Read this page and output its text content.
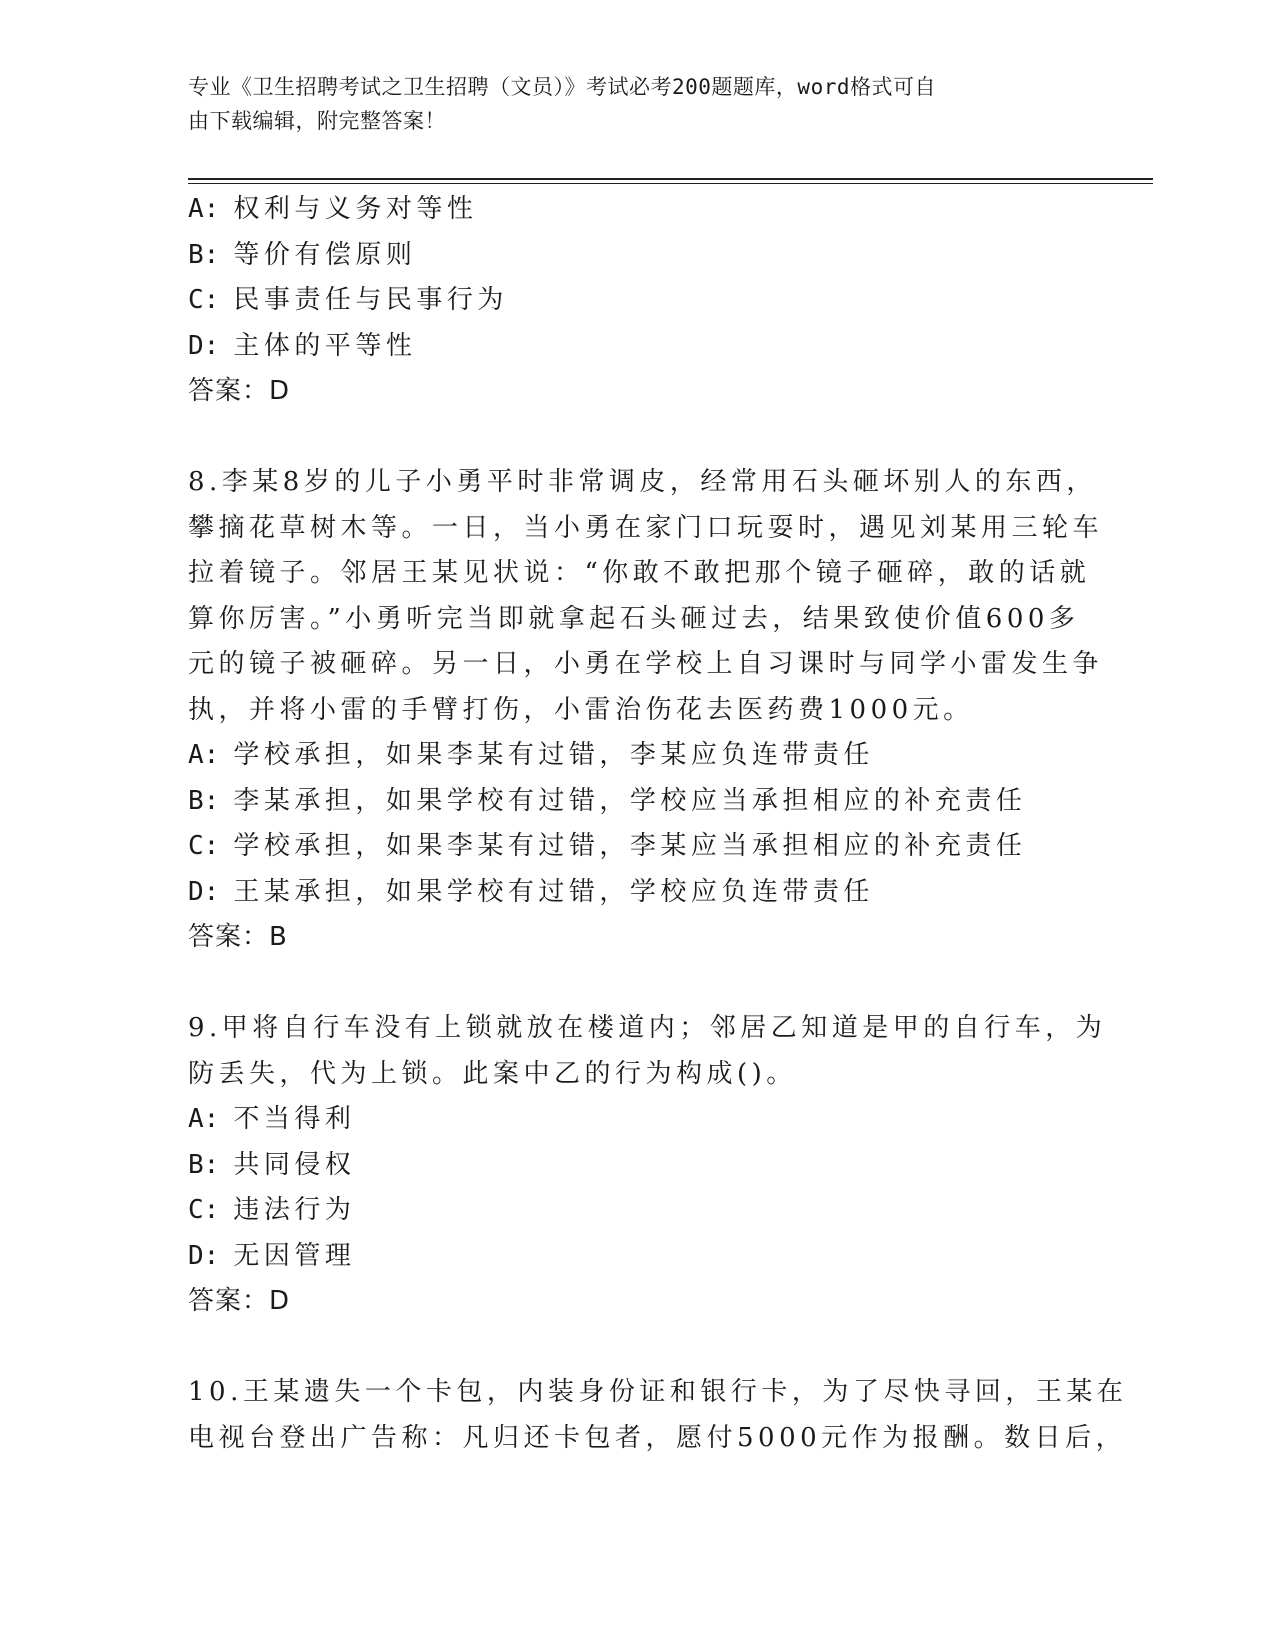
专业《卫生招聘考试之卫生招聘（文员）》考试必考200题题库，word格式可自
由下载编辑，附完整答案！
A: 权利与义务对等性
B: 等价有偿原则
C: 民事责任与民事行为
D: 主体的平等性
答案：D
8.李某8岁的儿子小勇平时非常调皮，经常用石头砸坏别人的东西，
攀摘花草树木等。一日，当小勇在家门口玩耍时，遇见刘某用三轮车
拉着镜子。邻居王某见状说：“你敢不敢把那个镜子砸碎，敢的话就
算你厉害。”小勇听完当即就拿起石头砸过去，结果致使价值600多
元的镜子被砸碎。另一日，小勇在学校上自习课时与同学小雷发生争
执，并将小雷的手臂打伤，小雷治伤花去医药费1000元。
A: 学校承担，如果李某有过错，李某应负连带责任
B: 李某承担，如果学校有过错，学校应当承担相应的补充责任
C: 学校承担，如果李某有过错，李某应当承担相应的补充责任
D: 王某承担，如果学校有过错，学校应负连带责任
答案：B
9.甲将自行车没有上锁就放在楼道内；邻居乙知道是甲的自行车，为
防丢失，代为上锁。此案中乙的行为构成()。
A: 不当得利
B: 共同侵权
C: 违法行为
D: 无因管理
答案：D
10.王某遗失一个卡包，内装身份证和银行卡，为了尽快寻回，王某在
电视台登出广告称：凡归还卡包者，愿付5000元作为报酬。数日后，
